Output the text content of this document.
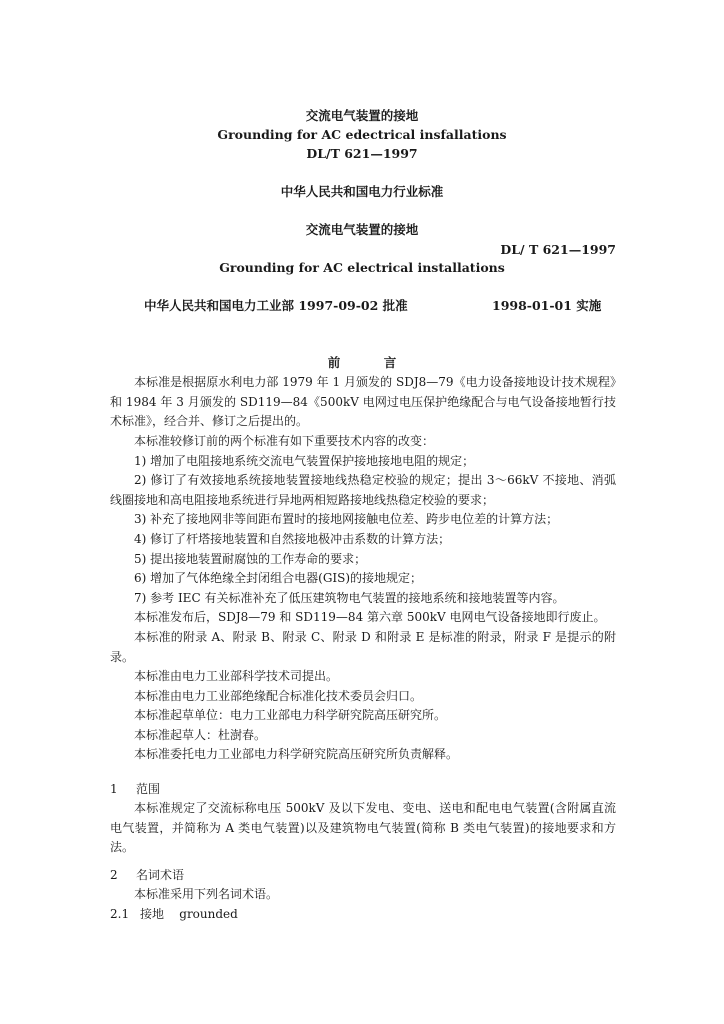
交流电气装置的接地
Grounding for AC edectrical insfallations
DL/T 621—1997
中华人民共和国电力行业标准
交流电气装置的接地
DL/ T 621—1997
Grounding for AC electrical installations
中华人民共和国电力工业部 1997-09-02 批准	1998-01-01 实施
前          言
本标准是根据原水利电力部 1979 年 1 月颁发的 SDJ8—79《电力设备接地设计技术规程》和 1984 年 3 月颁发的 SD119—84《500kV 电网过电压保护绝缘配合与电气设备接地暂行技术标准》，经合并、修订之后提出的。
本标准较修订前的两个标准有如下重要技术内容的改变：
1) 增加了电阻接地系统交流电气装置保护接地接地电阻的规定；
2) 修订了有效接地系统接地装置接地线热稳定校验的规定；提出 3～66kV 不接地、消弧线圈接地和高电阻接地系统进行异地两相短路接地线热稳定校验的要求；
3) 补充了接地网非等间距布置时的接地网接触电位差、跨步电位差的计算方法；
4) 修订了杆塔接地装置和自然接地极冲击系数的计算方法；
5) 提出接地装置耐腐蚀的工作寿命的要求；
6) 增加了气体绝缘全封闭组合电器(GIS)的接地规定；
7) 参考 IEC 有关标准补充了低压建筑物电气装置的接地系统和接地装置等内容。
本标准发布后，SDJ8—79 和 SD119—84 第六章 500kV 电网电气设备接地即行废止。
本标准的附录 A、附录 B、附录 C、附录 D 和附录 E 是标准的附录，附录 F 是提示的附录。
本标准由电力工业部科学技术司提出。
本标准由电力工业部绝缘配合标准化技术委员会归口。
本标准起草单位：电力工业部电力科学研究院高压研究所。
本标准起草人：杜澍春。
本标准委托电力工业部电力科学研究院高压研究所负责解释。
1 范围
本标准规定了交流标称电压 500kV 及以下发电、变电、送电和配电电气装置(含附属直流电气装置，并简称为 A 类电气装置)以及建筑物电气装置(简称 B 类电气装置)的接地要求和方法。
2 名词术语
本标准采用下列名词术语。
2.1 接地    grounded
